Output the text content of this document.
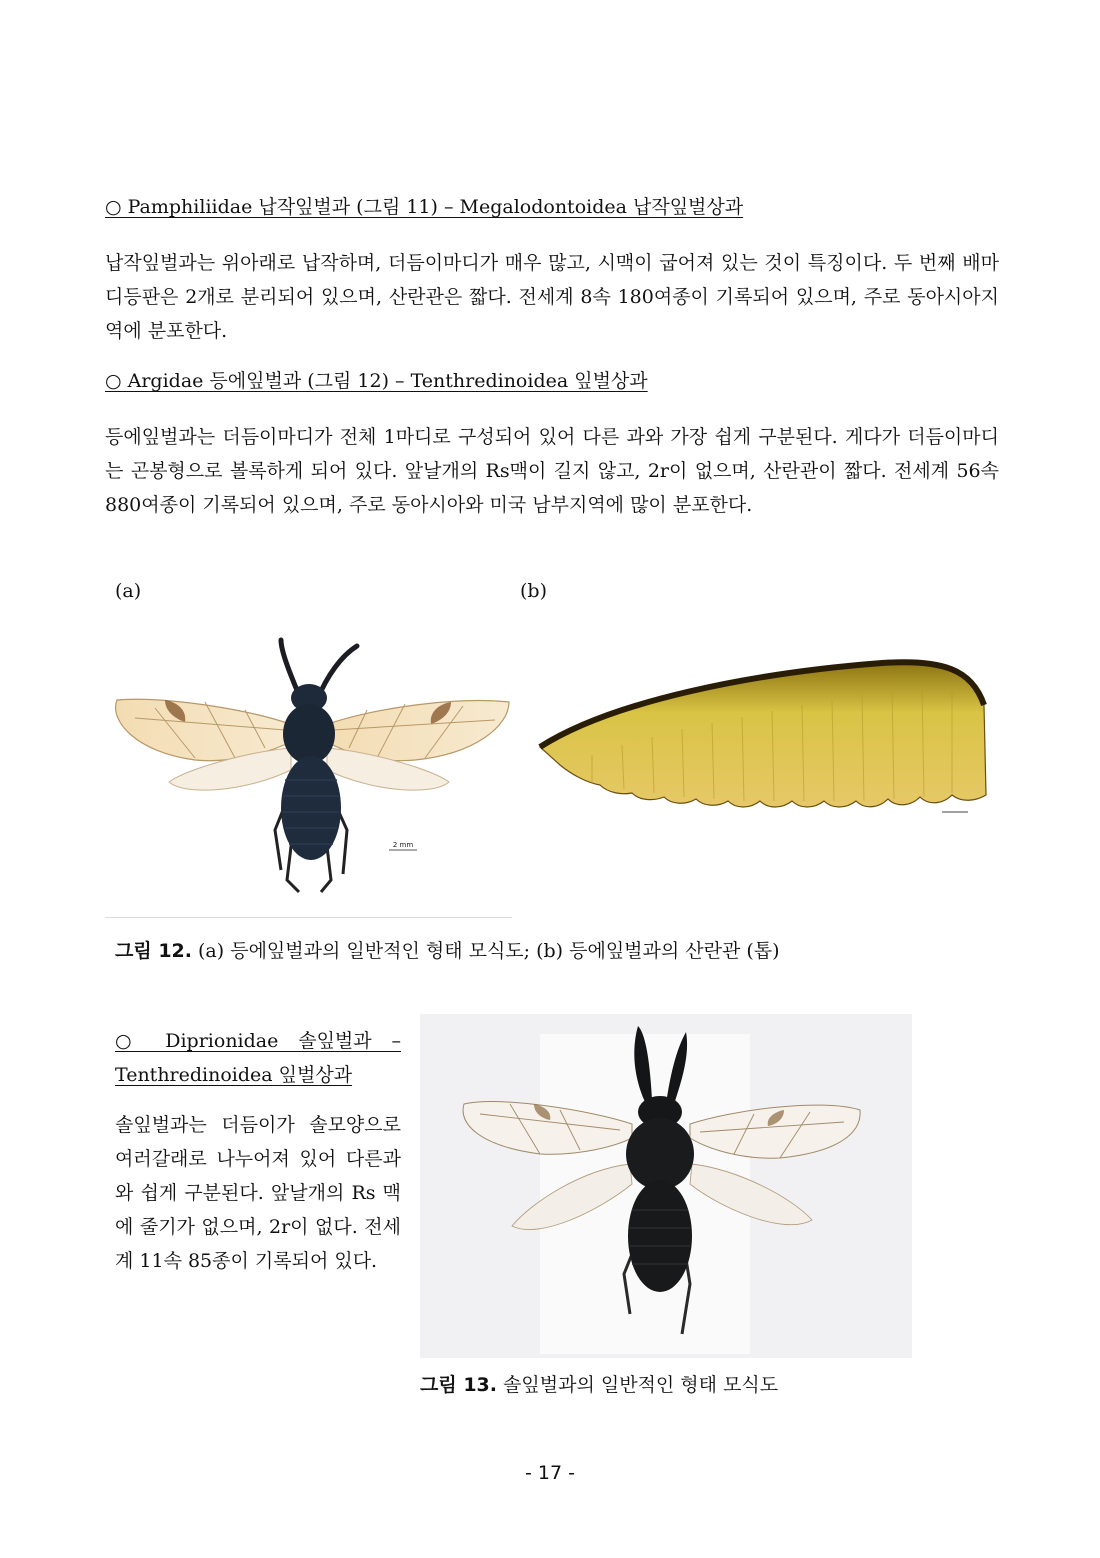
○ Pamphiliidae 납작잎벌과 (그림 11) – Megalodontoidea 납작잎벌상과

납작잎벌과는 위아래로 납작하며, 더듬이마디가 매우 많고, 시맥이 굽어져 있는 것이 특징이다. 두 번째 배마디등판은 2개로 분리되어 있으며, 산란관은 짧다. 전세계 8속 180여종이 기록되어 있으며, 주로 동아시아지역에 분포한다.

○ Argidae 등에잎벌과 (그림 12) – Tenthredinoidea 잎벌상과

등에잎벌과는 더듬이마디가 전체 1마디로 구성되어 있어 다른 과와 가장 쉽게 구분된다. 게다가 더듬이마디는 곤봉형으로 볼록하게 되어 있다. 앞날개의 Rs맥이 길지 않고, 2r이 없으며, 산란관이 짧다. 전세계 56속 880여종이 기록되어 있으며, 주로 동아시아와 미국 남부지역에 많이 분포한다.

(a)	(b)
2 mm
그림 12. (a) 등에잎벌과의 일반적인 형태 모식도; (b) 등에잎벌과의 산란관 (톱)
○ Diprionidae 솔잎벌과 – Tenthredinoidea 잎벌상과

솔잎벌과는 더듬이가 솔모양으로 여러갈래로 나누어져 있어 다른과와 쉽게 구분된다. 앞날개의 Rs 맥에 줄기가 없으며, 2r이 없다. 전세계 11속 85종이 기록되어 있다.

그림 13. 솔잎벌과의 일반적인 형태 모식도
- 17 -
